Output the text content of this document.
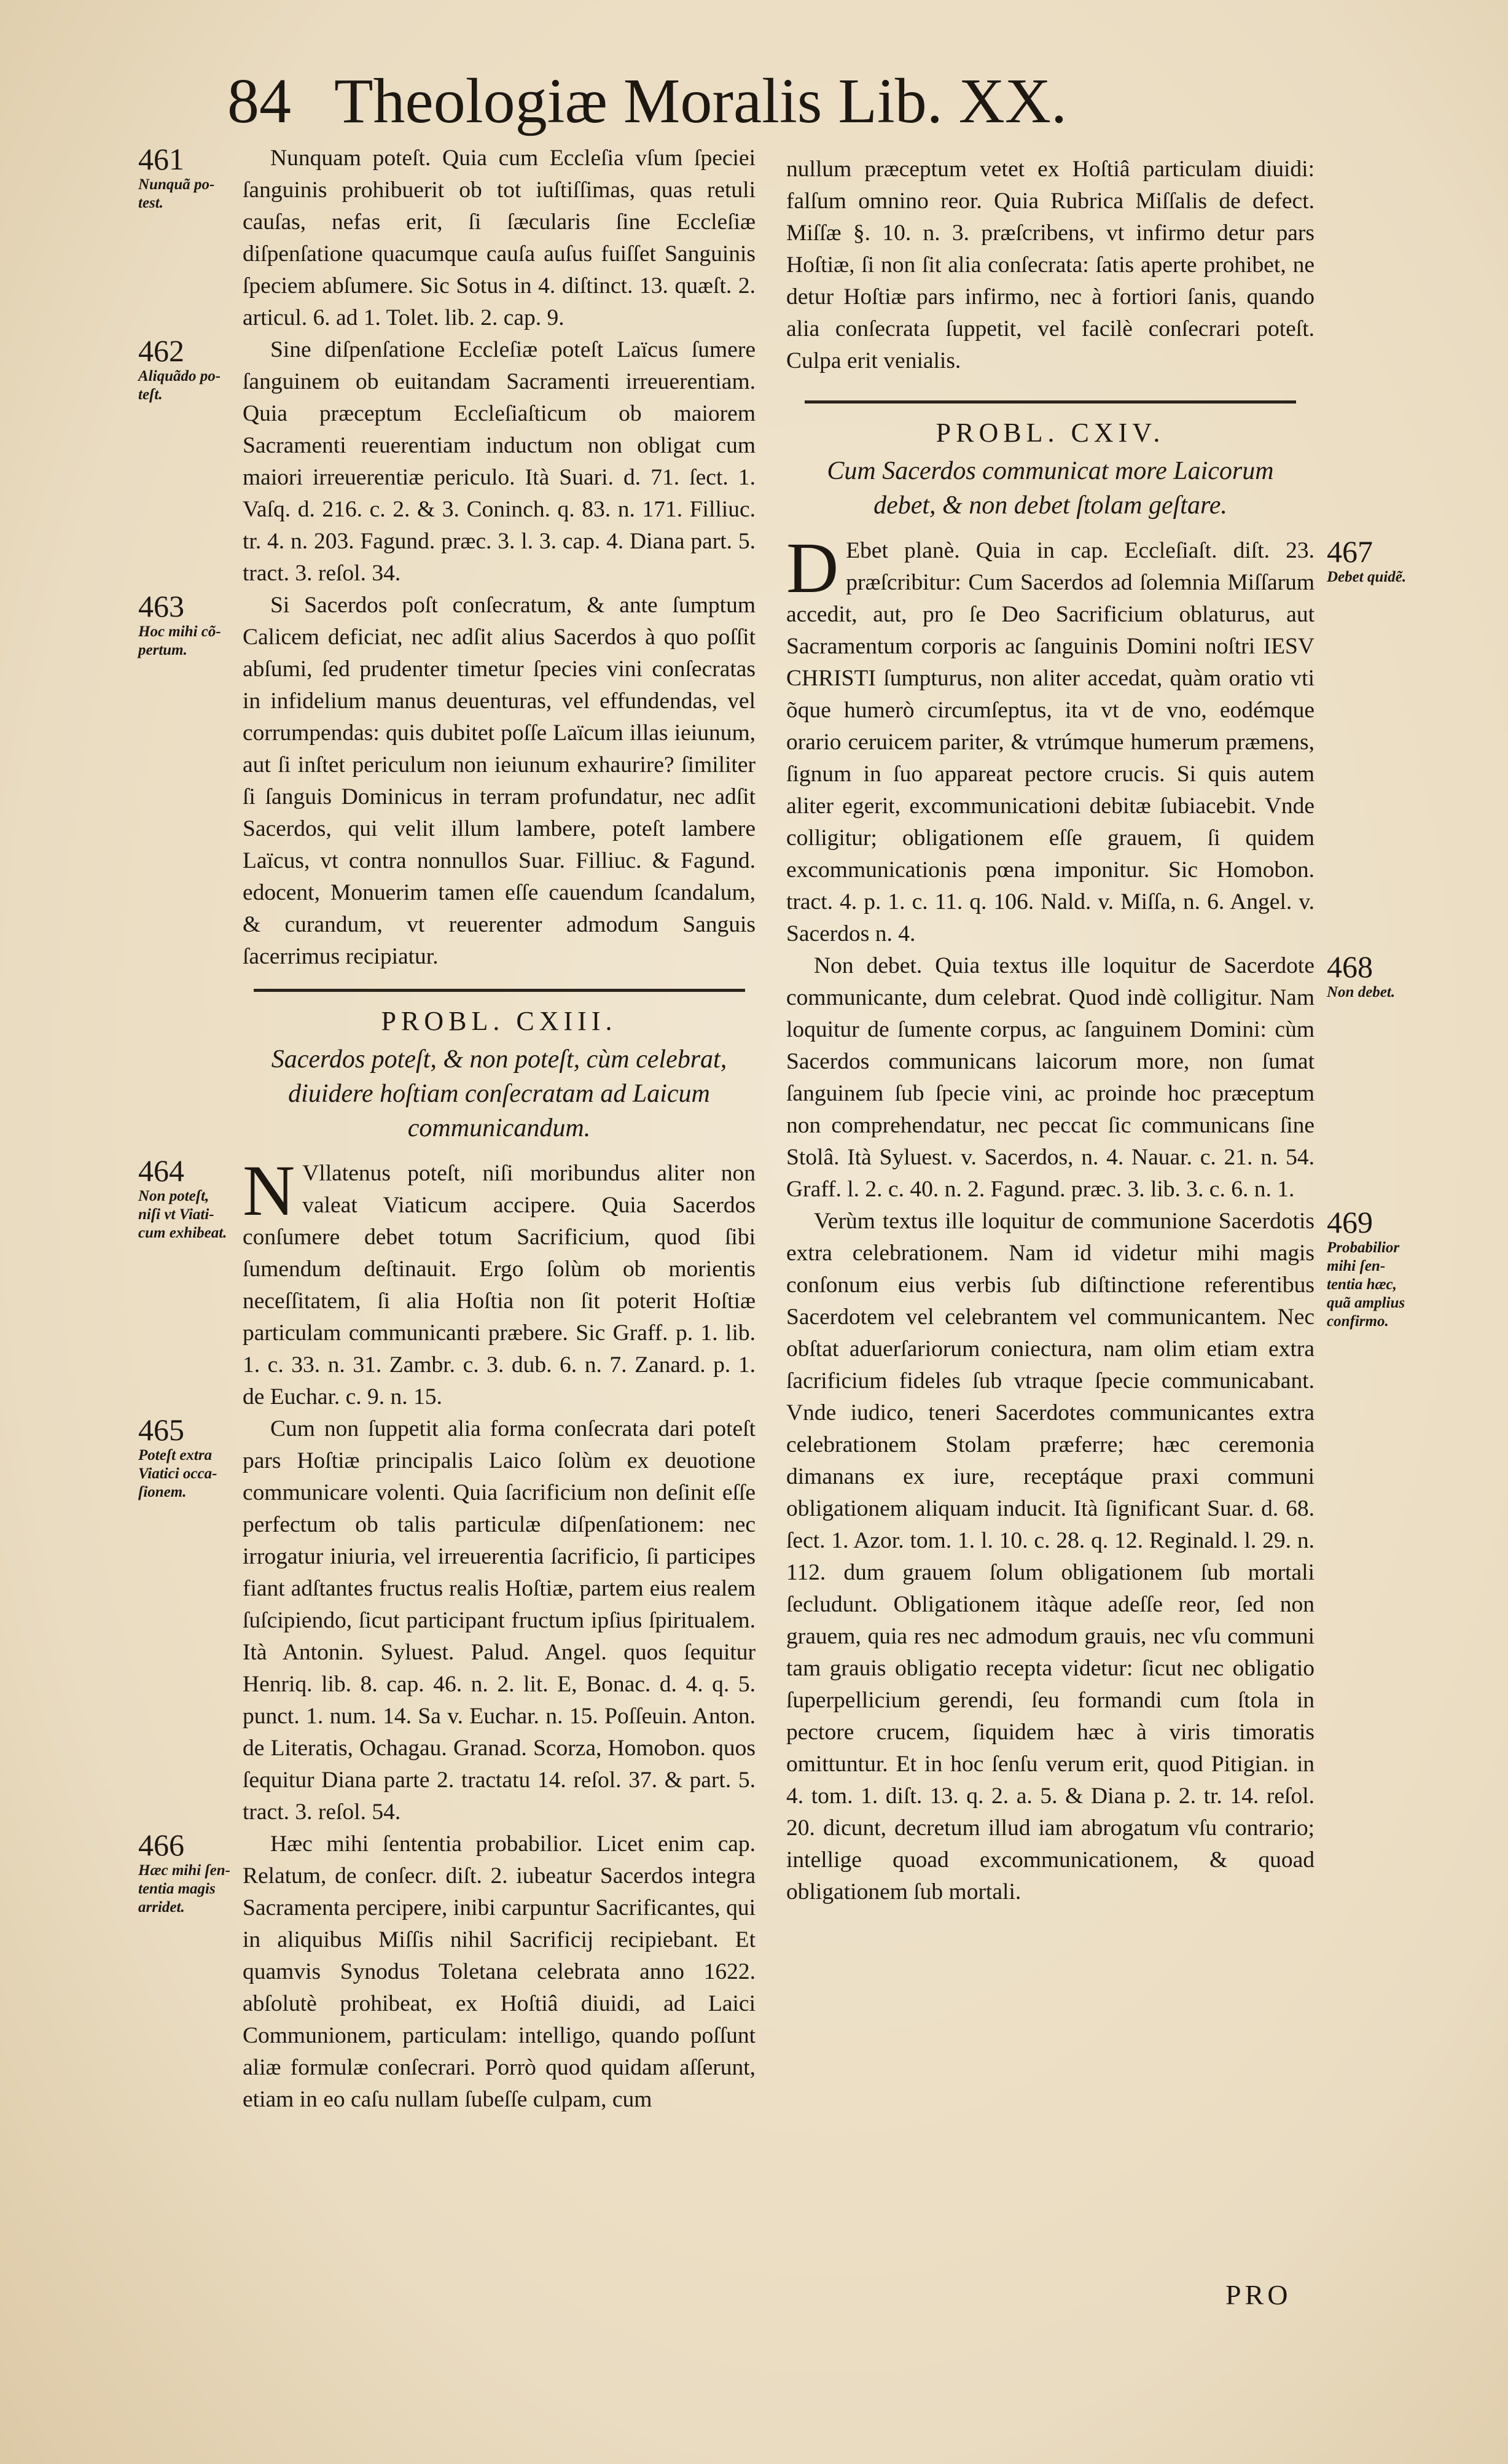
84 Theologiæ Moralis Lib. XX.
461
Nunquã po-
test.

Nunquam poteſt. Quia cum Eccleſia vſum ſpeciei ſanguinis prohibuerit ob tot iuſtiſſimas, quas retuli cauſas, nefas erit, ſi ſæcularis ſine Eccleſiæ diſpenſatione quacumque cauſa auſus fuiſſet Sanguinis ſpeciem abſumere. Sic Sotus in 4. diſtinct. 13. quæſt. 2. articul. 6. ad 1. Tolet. lib. 2. cap. 9.

462
Aliquãdo po-
teſt.

Sine diſpenſatione Eccleſiæ poteſt Laïcus ſumere ſanguinem ob euitandam Sacramenti irreuerentiam. Quia præceptum Eccleſiaſticum ob maiorem Sacramenti reuerentiam inductum non obligat cum maiori irreuerentiæ periculo. Ità Suari. d. 71. ſect. 1. Vaſq. d. 216. c. 2. & 3. Coninch. q. 83. n. 171. Filliuc. tr. 4. n. 203. Fagund. præc. 3. l. 3. cap. 4. Diana part. 5. tract. 3. reſol. 34.

463
Hoc mihi cõ-
pertum.

Si Sacerdos poſt conſecratum, & ante ſumptum Calicem deficiat, nec adſit alius Sacerdos à quo poſſit abſumi, ſed prudenter timetur ſpecies vini conſecratas in infidelium manus deuenturas, vel effundendas, vel corrumpendas: quis dubitet poſſe Laïcum illas ieiunum, aut ſi inſtet periculum non ieiunum exhaurire? ſimiliter ſi ſanguis Dominicus in terram profundatur, nec adſit Sacerdos, qui velit illum lambere, poteſt lambere Laïcus, vt contra nonnullos Suar. Filliuc. & Fagund. edocent, Monuerim tamen eſſe cauendum ſcandalum, & curandum, vt reuerenter admodum Sanguis ſacerrimus recipiatur.

PROBL. CXIII.
Sacerdos poteſt, & non poteſt, cùm celebrat, diuidere hoſtiam conſecratam ad Laicum communicandum.
464
Non poteſt,
niſi vt Viati-
cum exhibeat.
N Vllatenus poteſt, niſi moribundus aliter non valeat Viaticum accipere. Quia Sacerdos conſumere debet totum Sacrificium, quod ſibi ſumendum deſtinauit. Ergo ſolùm ob morientis neceſſitatem, ſi alia Hoſtia non ſit poterit Hoſtiæ particulam communicanti præbere. Sic Graff. p. 1. lib. 1. c. 33. n. 31. Zambr. c. 3. dub. 6. n. 7. Zanard. p. 1. de Euchar. c. 9. n. 15.

465
Poteſt extra
Viatici occa-
ſionem.

Cum non ſuppetit alia forma conſecrata dari poteſt pars Hoſtiæ principalis Laico ſolùm ex deuotione communicare volenti. Quia ſacrificium non deſinit eſſe perfectum ob talis particulæ diſpenſationem: nec irrogatur iniuria, vel irreuerentia ſacrificio, ſi participes fiant adſtantes fructus realis Hoſtiæ, partem eius realem ſuſcipiendo, ſicut participant fructum ipſius ſpiritualem. Ità Antonin. Syluest. Palud. Angel. quos ſequitur Henriq. lib. 8. cap. 46. n. 2. lit. E, Bonac. d. 4. q. 5. punct. 1. num. 14. Sa v. Euchar. n. 15. Poſſeuin. Anton. de Literatis, Ochagau. Granad. Scorza, Homobon. quos ſequitur Diana parte 2. tractatu 14. reſol. 37. & part. 5. tract. 3. reſol. 54.

466
Hæc mihi ſen-
tentia magis
arridet.

Hæc mihi ſententia probabilior. Licet enim cap. Relatum, de conſecr. diſt. 2. iubeatur Sacerdos integra Sacramenta percipere, inibi carpuntur Sacrificantes, qui in aliquibus Miſſis nihil Sacrificij recipiebant. Et quamvis Synodus Toletana celebrata anno 1622. abſolutè prohibeat, ex Hoſtiâ diuidi, ad Laici Communionem, particulam: intelligo, quando poſſunt aliæ formulæ conſecrari. Porrò quod quidam aſſerunt, etiam in eo caſu nullam ſubeſſe culpam, cum

nullum præceptum vetet ex Hoſtiâ particulam diuidi: falſum omnino reor. Quia Rubrica Miſſalis de defect. Miſſæ §. 10. n. 3. præſcribens, vt infirmo detur pars Hoſtiæ, ſi non ſit alia conſecrata: ſatis aperte prohibet, ne detur Hoſtiæ pars infirmo, nec à fortiori ſanis, quando alia conſecrata ſuppetit, vel facilè conſecrari poteſt. Culpa erit venialis.

PROBL. CXIV.
Cum Sacerdos communicat more Laicorum debet, & non debet ſtolam geſtare.
467
Debet quidẽ.
D Ebet planè. Quia in cap. Eccleſiaſt. diſt. 23. præſcribitur: Cum Sacerdos ad ſolemnia Miſſarum accedit, aut, pro ſe Deo Sacrificium oblaturus, aut Sacramentum corporis ac ſanguinis Domini noſtri IESV CHRISTI ſumpturus, non aliter accedat, quàm oratio vti õque humerò circumſeptus, ita vt de vno, eodémque orario ceruicem pariter, & vtrúmque humerum præmens, ſignum in ſuo appareat pectore crucis. Si quis autem aliter egerit, excommunicationi debitæ ſubiacebit. Vnde colligitur; obligationem eſſe grauem, ſi quidem excommunicationis pœna imponitur. Sic Homobon. tract. 4. p. 1. c. 11. q. 106. Nald. v. Miſſa, n. 6. Angel. v. Sacerdos n. 4.

468
Non debet.

Non debet. Quia textus ille loquitur de Sacerdote communicante, dum celebrat. Quod indè colligitur. Nam loquitur de ſumente corpus, ac ſanguinem Domini: cùm Sacerdos communicans laicorum more, non ſumat ſanguinem ſub ſpecie vini, ac proinde hoc præceptum non comprehendatur, nec peccat ſic communicans ſine Stolâ. Ità Syluest. v. Sacerdos, n. 4. Nauar. c. 21. n. 54. Graff. l. 2. c. 40. n. 2. Fagund. præc. 3. lib. 3. c. 6. n. 1.

469
Probabilior
mihi ſen-
tentia hæc,
quã amplius
confirmo.

Verùm textus ille loquitur de communione Sacerdotis extra celebrationem. Nam id videtur mihi magis conſonum eius verbis ſub diſtinctione referentibus Sacerdotem vel celebrantem vel communicantem. Nec obſtat aduerſariorum coniectura, nam olim etiam extra ſacrificium fideles ſub vtraque ſpecie communicabant. Vnde iudico, teneri Sacerdotes communicantes extra celebrationem Stolam præferre; hæc ceremonia dimanans ex iure, receptáque praxi communi obligationem aliquam inducit. Ità ſignificant Suar. d. 68. ſect. 1. Azor. tom. 1. l. 10. c. 28. q. 12. Reginald. l. 29. n. 112. dum grauem ſolum obligationem ſub mortali ſecludunt. Obligationem itàque adeſſe reor, ſed non grauem, quia res nec admodum grauis, nec vſu communi tam grauis obligatio recepta videtur: ſicut nec obligatio ſuperpellicium gerendi, ſeu formandi cum ſtola in pectore crucem, ſiquidem hæc à viris timoratis omittuntur. Et in hoc ſenſu verum erit, quod Pitigian. in 4. tom. 1. diſt. 13. q. 2. a. 5. & Diana p. 2. tr. 14. reſol. 20. dicunt, decretum illud iam abrogatum vſu contrario; intellige quoad excommunicationem, & quoad obligationem ſub mortali.

PRO
